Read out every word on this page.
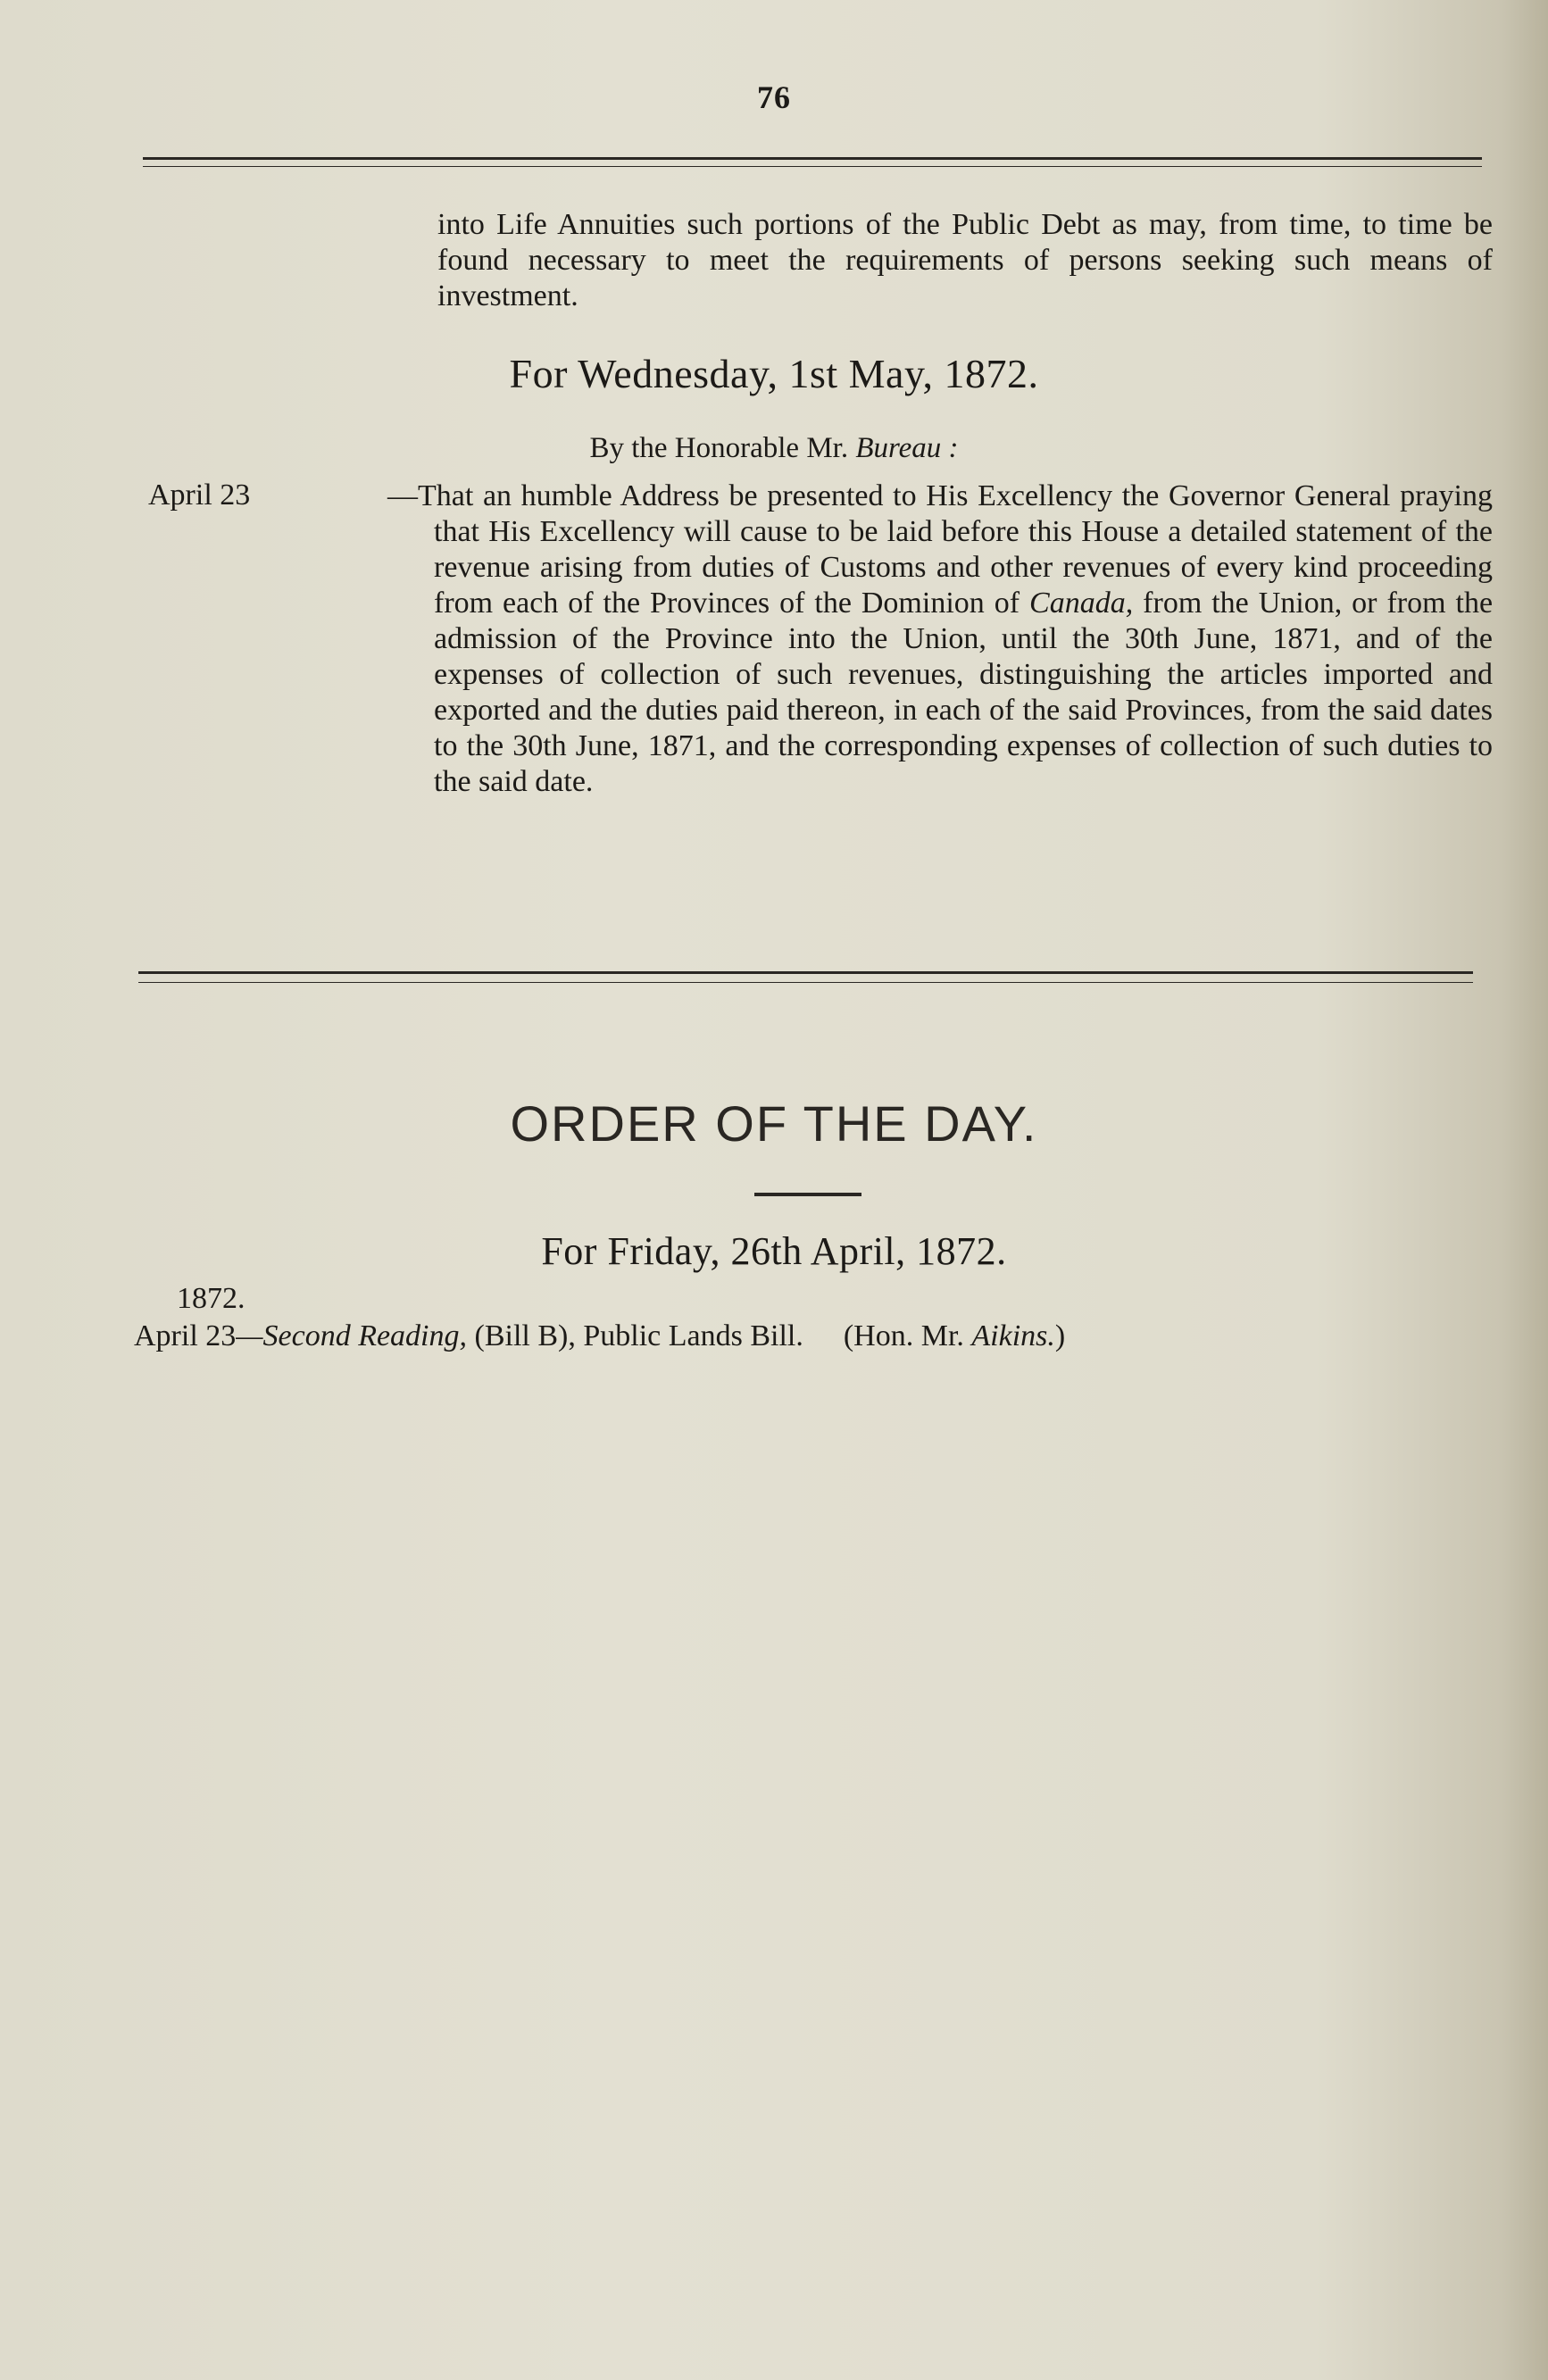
76

into Life Annuities such portions of the Public Debt as may, from time, to time be found necessary to meet the requirements of persons seeking such means of investment.

For Wednesday, 1st May, 1872.
By the Honorable Mr. Bureau :
April 23	—That an humble Address be presented to His Excellency the Governor General praying that His Excellency will cause to be laid before this House a detailed statement of the revenue arising from duties of Customs and other revenues of every kind proceeding from each of the Provinces of the Dominion of Canada, from the Union, or from the admission of the Province into the Union, until the 30th June, 1871, and of the expenses of collection of such revenues, distinguishing the articles imported and exported and the duties paid thereon, in each of the said Provinces, from the said dates to the 30th June, 1871, and the corresponding expenses of collection of such duties to the said date.

ORDER OF THE DAY.
For Friday, 26th April, 1872.
1872.
April 23—Second Reading, (Bill B), Public Lands Bill. (Hon. Mr. Aikins.)
